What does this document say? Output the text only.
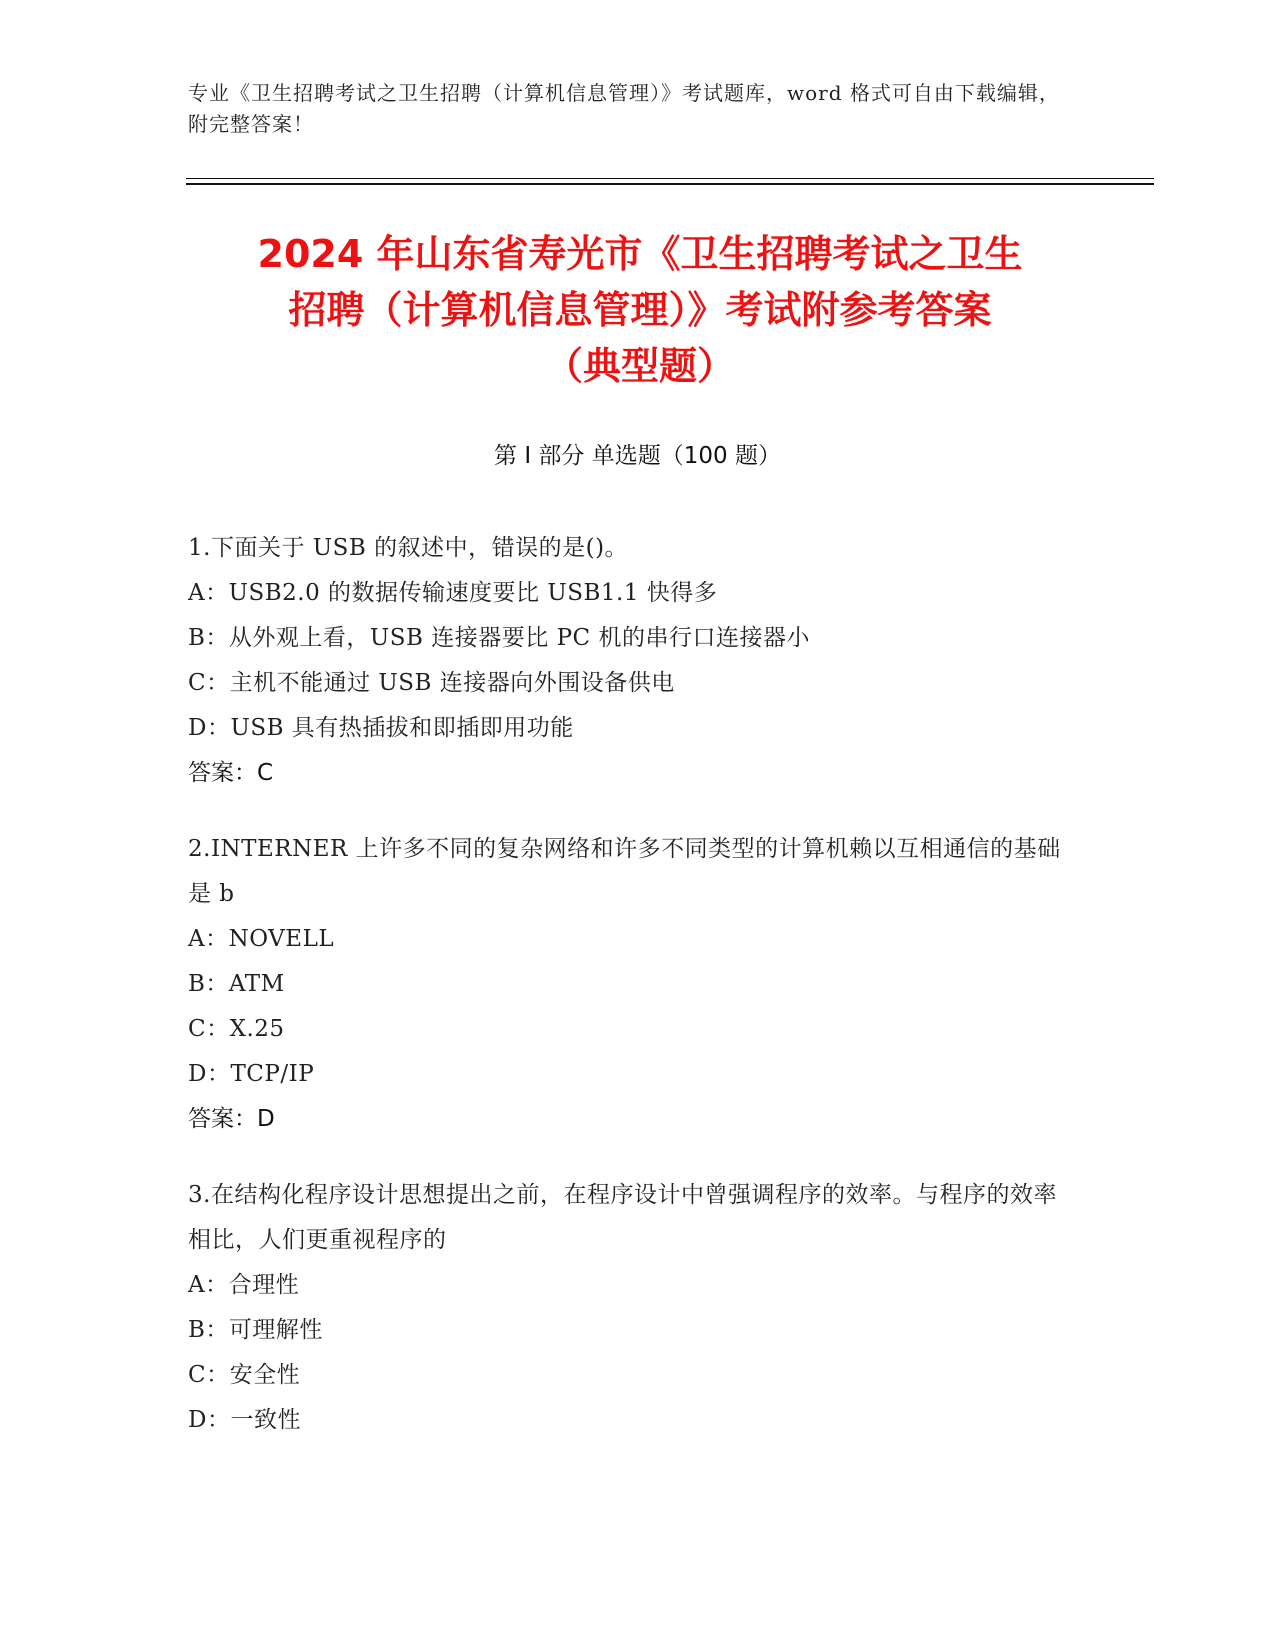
专业《卫生招聘考试之卫生招聘（计算机信息管理）》考试题库，word 格式可自由下载编辑，附完整答案！
2024 年山东省寿光市《卫生招聘考试之卫生
招聘（计算机信息管理）》考试附参考答案
（典型题）
第 I 部分 单选题（100 题）
1.下面关于 USB 的叙述中，错误的是()。
A：USB2.0 的数据传输速度要比 USB1.1 快得多
B：从外观上看，USB 连接器要比 PC 机的串行口连接器小
C：主机不能通过 USB 连接器向外围设备供电
D：USB 具有热插拔和即插即用功能
答案：C
2.INTERNER 上许多不同的复杂网络和许多不同类型的计算机赖以互相通信的基础是 b
A：NOVELL
B：ATM
C：X.25
D：TCP/IP
答案：D
3.在结构化程序设计思想提出之前，在程序设计中曾强调程序的效率。与程序的效率相比，人们更重视程序的
A：合理性
B：可理解性
C：安全性
D：一致性
